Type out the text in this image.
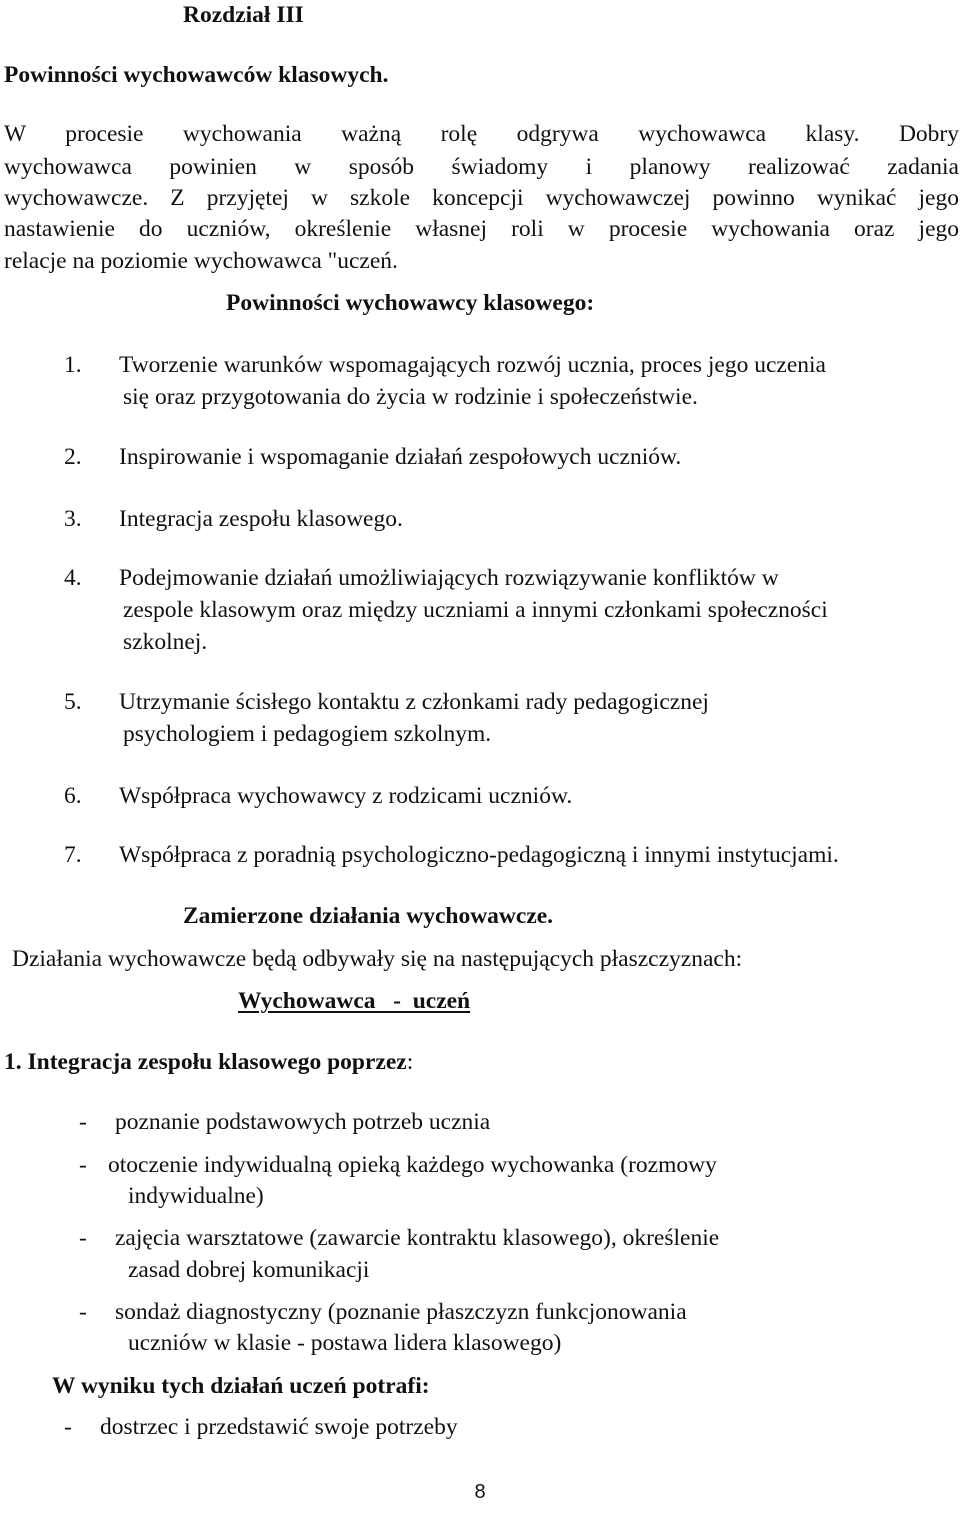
Rozdział III
Powinności wychowawców klasowych.
W procesie wychowania ważną rolę odgrywa wychowawca klasy. Dobry
wychowawca powinien w sposób świadomy i planowy realizować zadania
wychowawcze. Z przyjętej w szkole koncepcji wychowawczej powinno wynikać jego
nastawienie do uczniów, określenie własnej roli w procesie wychowania oraz jego
relacje na poziomie wychowawca "uczeń.
Powinności wychowawcy klasowego:
1. Tworzenie warunków wspomagających rozwój ucznia, proces jego uczenia
się oraz przygotowania do życia w rodzinie i społeczeństwie.
2. Inspirowanie i wspomaganie działań zespołowych uczniów.
3. Integracja zespołu klasowego.
4. Podejmowanie działań umożliwiających rozwiązywanie konfliktów w
zespole klasowym oraz między uczniami a innymi członkami społeczności
szkolnej.
5. Utrzymanie ścisłego kontaktu z członkami rady pedagogicznej
psychologiem i pedagogiem szkolnym.
6. Współpraca wychowawcy z rodzicami uczniów.
7. Współpraca z poradnią psychologiczno-pedagogiczną i innymi instytucjami.
Zamierzone działania wychowawcze.
Działania wychowawcze będą odbywały się na następujących płaszczyznach:
Wychowawca   -  uczeń
1. Integracja zespołu klasowego poprzez:
- poznanie podstawowych potrzeb ucznia
- otoczenie indywidualną opieką każdego wychowanka (rozmowy
indywidualne)
- zajęcia warsztatowe (zawarcie kontraktu klasowego), określenie
zasad dobrej komunikacji
- sondaż diagnostyczny (poznanie płaszczyzn funkcjonowania
uczniów w klasie - postawa lidera klasowego)
W wyniku tych działań uczeń potrafi:
- dostrzec i przedstawić swoje potrzeby
8
